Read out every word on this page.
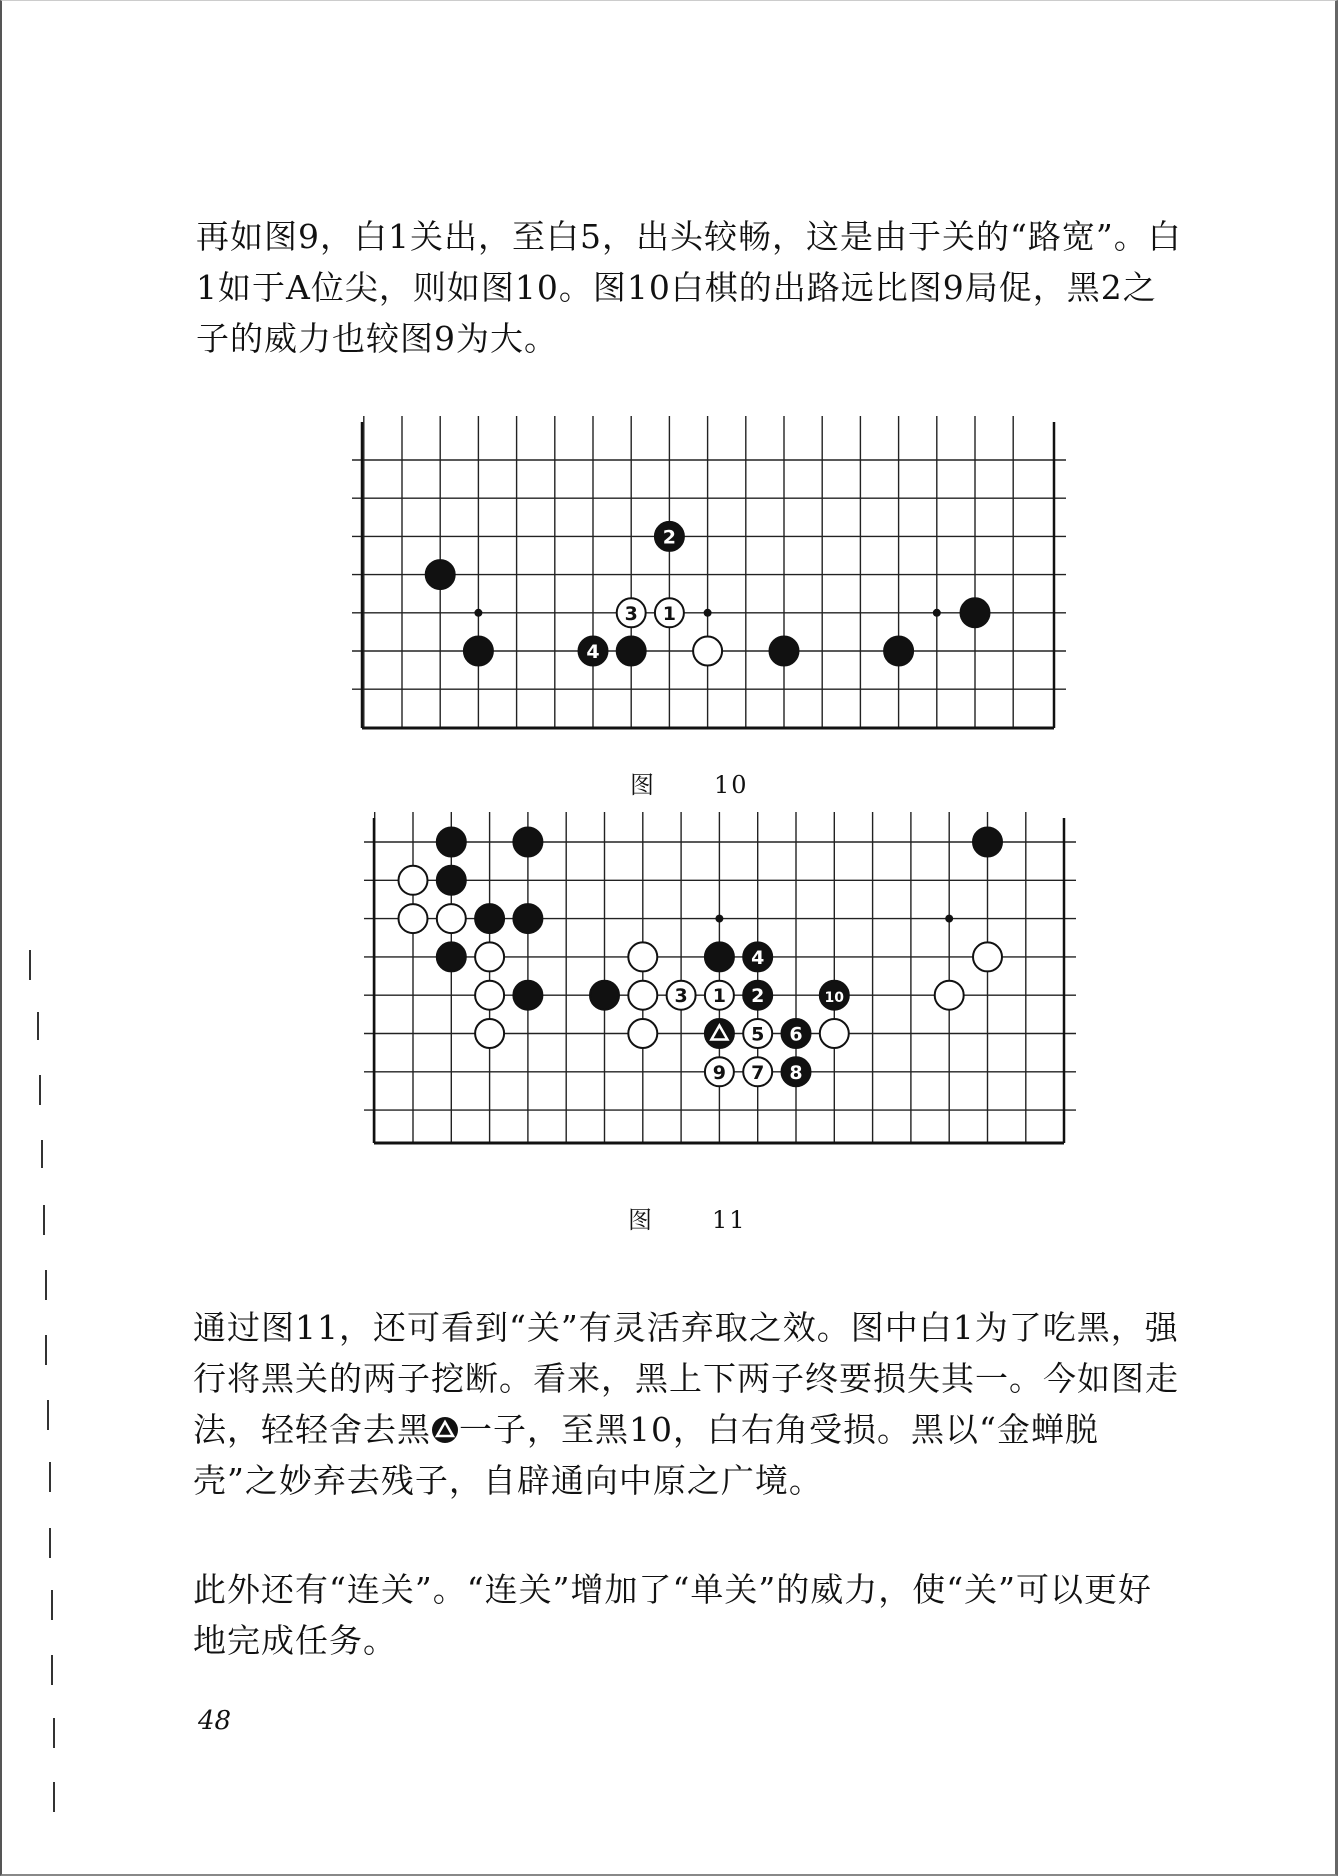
再如图9，白1关出，至白5，出头较畅，这是由于关的“路宽”。白1如于A位尖，则如图10。图10白棋的出路远比图9局促，黑2之子的威力也较图9为大。

2
3 1
4
4
3 1 2	10
5 6
9 7 8
图 10
图 11

通过图11，还可看到“关”有灵活弃取之效。图中白1为了吃黑，强行将黑关的两子挖断。看来，黑上下两子终要损失其一。今如图走法，轻轻舍去黑 一子，至黑10，白右角受损。黑以“金蝉脱壳”之妙弃去残子，自辟通向中原之广境。

此外还有“连关”。“连关”增加了“单关”的威力，使“关”可以更好地完成任务。

48
